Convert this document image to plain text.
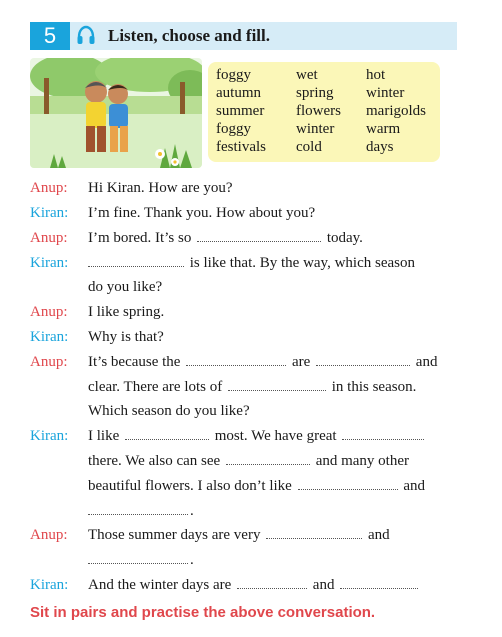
5	Listen, choose and fill.
foggy	wet	hot
autumn spring winter
summer flowers marigolds
foggy	winter warm
festivals cold	days
Anup: Hi Kiran. How are you?
Kiran: I’m fine. Thank you. How about you?
Anup: I’m bored. It’s so	today.
Kiran:	is like that. By the way, which season
do you like?
Anup: I like spring.
Kiran: Why is that?
Anup: It’s because the	are	and
clear. There are lots of	in this season.
Which season do you like?
Kiran: I like	most. We have great
there. We also can see	and many other
beautiful flowers. I also don’t like	and
.
Anup: Those summer days are very	and
.
Kiran: And the winter days are	and
Sit in pairs and practise the above conversation.
